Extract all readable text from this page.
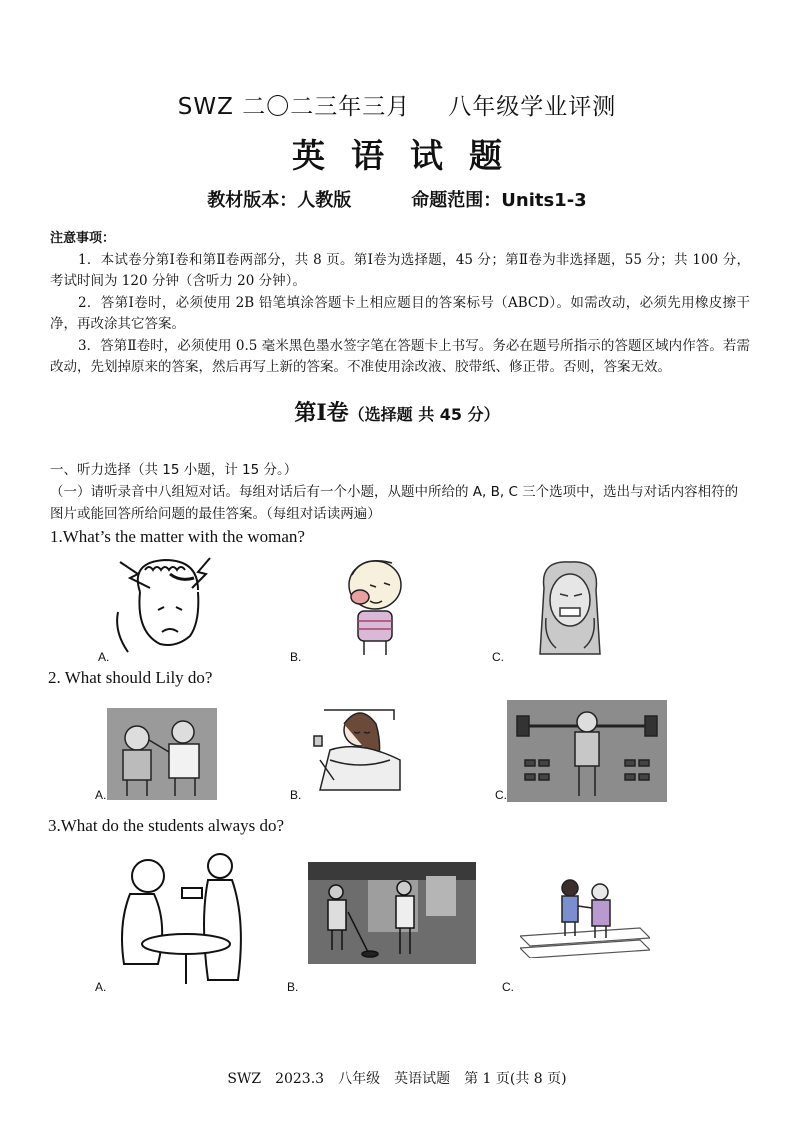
SWZ 二〇二三年三月 八年级学业评测
英语试题
教材版本：人教版	命题范围：Units1-3
注意事项：

1．本试卷分第Ⅰ卷和第Ⅱ卷两部分，共 8 页。第Ⅰ卷为选择题，45 分；第Ⅱ卷为非选择题，55 分；共 100 分，考试时间为 120 分钟（含听力 20 分钟）。

2．答第Ⅰ卷时，必须使用 2B 铅笔填涂答题卡上相应题目的答案标号（ABCD）。如需改动，必须先用橡皮擦干净，再改涂其它答案。

3．答第Ⅱ卷时，必须使用 0.5 毫米黑色墨水签字笔在答题卡上书写。务必在题号所指示的答题区域内作答。若需改动，先划掉原来的答案，然后再写上新的答案。不准使用涂改液、胶带纸、修正带。否则，答案无效。

第Ⅰ卷（选择题 共 45 分）
一、听力选择（共 15 小题，计 15 分。）
（一）请听录音中八组短对话。每组对话后有一个小题，从题中所给的 A, B, C 三个选项中，选出与对话内容相符的图片或能回答所给问题的最佳答案。（每组对话读两遍）
1.What’s the matter with the woman?
A.	B.	C.
2. What should Lily do?
A.	B.	C.
3.What do the students always do?
A.	B.	C.
SWZ 2023.3 八年级 英语试题 第 1 页(共 8 页)
